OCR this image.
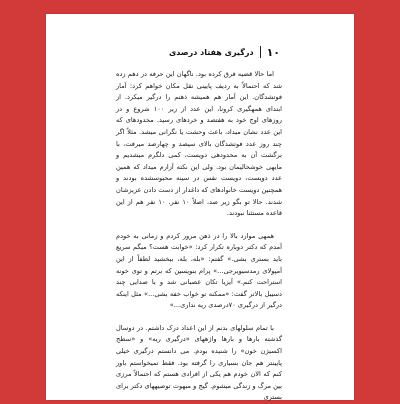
۱۰
درگیری هفتاد درصدی

اما حالا قضیه فرق کرده بود. ناگهان این حرفه در دهم زده شد که احتمالاً به ردیف پایینی نقل مکان خواهم کرد: آمار فوتشدگان. این آمار هم همیشه ذهنم را درگیر میکرد. از ابتدای همهگیری کرونا، این عدد از زیر ۱۰۰ شروع و در روزهای اوج خود به هفتصد و خردهای رسید. محدودهای که این عدد نشان میداد، باعث وحشت یا نگرانی میشد. مثلاً اگر چند روز عدد فوتشدگان بالای سیصد و چهارصد میرفت، با برگشت آن به محدودهی دویست، کمی دلگرم میشدیم و مایهی خوشحالیمان بود. ولی این نکته آزارم میداد که همین عدد دویست، دویست نفس در سینه محبوسشده بودند و همچنین دویست خانوادهای که داغدار از دست دادن عزیزشان شدند. حالا تو بگو زیر صد، اصلاً ۱۰ نفر. ۱۰ نفر هم از این قاعده مستثنا نبودند.

همهی موارد بالا را در ذهن مرور کردم و زمانی به خودم آمدم که دکتر دوباره تکرار کرد: «خوابت هست؟ میگم سریع باید بستری بشی.» گفتم: «بله، بله، ببخشید لطفاً از این آمپولای رمدسیویرجی...» پرام بنویسین که برتم و توی خونه استراحت کنم.» آیزیا تکان عصبانی شد و با صدایی چند دسیبل بالاتر گفت: «ممکنه تو خواب خفه بشی...» مثل اینکه درگیر از درگیری ۷۰درصدی ریه نداری...»

با تمام سلولهای بدنم از این اعداد درک داشتم. در دوسال گذشته بارها و بارها واژههای «درگیری ریه» و «سطح اکسیژن خون» را شنیده بودم. می دانستم درگیری خیلی پایینتر هم جان بسیاری را گرفته بود. فقط نمیخواستم باور کنم که الان خودم هم یکی از افرادی هستم که احتمالاً مرزی بین مرگ و زندگی میشوم. گیج و مبهوت توصیههای دکتر برای بستری
